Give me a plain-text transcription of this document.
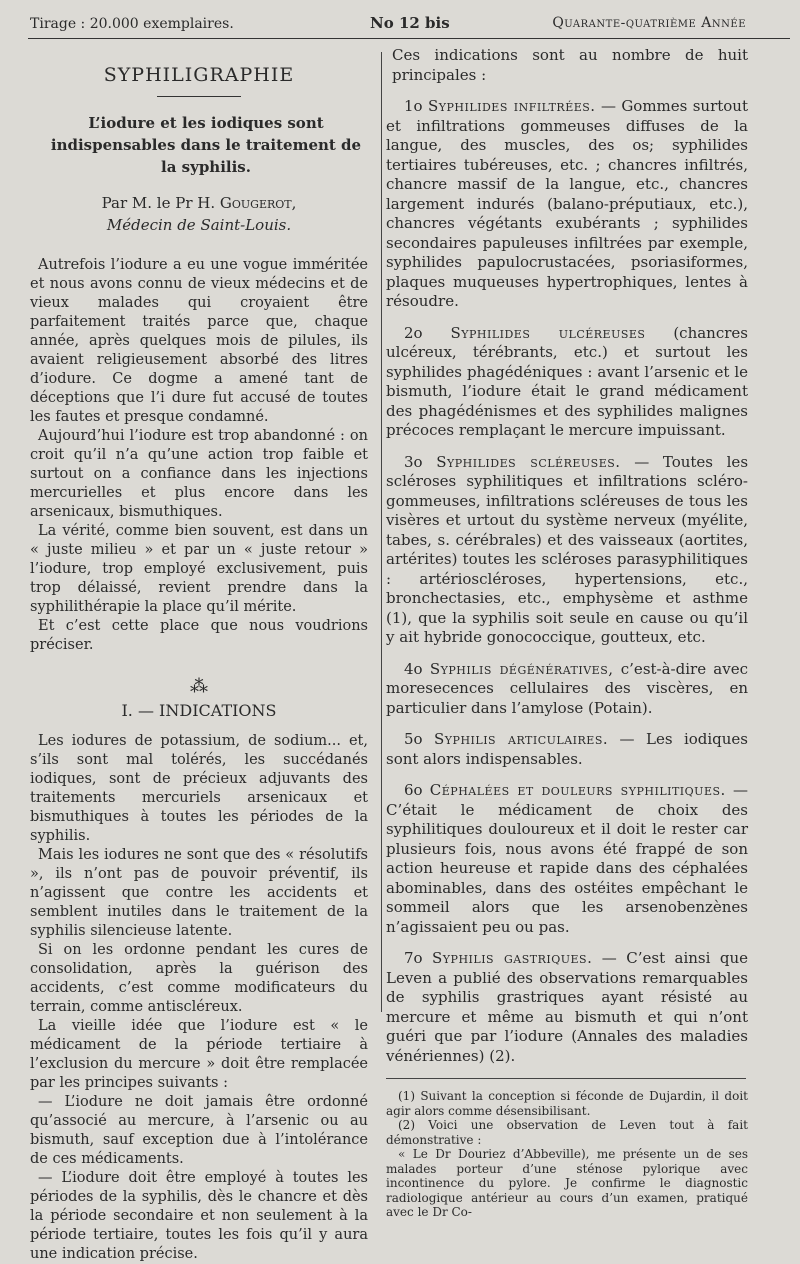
Tirage : 20.000 exemplaires.	No 12 bis	Quarante-quatrième Année
SYPHILIGRAPHIE
L’iodure et les iodiques sont indispensables dans le traitement de la syphilis.
Par M. le Pr H. Gougerot,
Médecin de Saint-Louis.

Autrefois l’iodure a eu une vogue imméritée et nous avons connu de vieux médecins et de vieux malades qui croyaient être parfaitement traités parce que, chaque année, après quelques mois de pilules, ils avaient religieusement absorbé des litres d’iodure. Ce dogme a amené tant de déceptions que l’i dure fut accusé de toutes les fautes et presque condamné.

Aujourd’hui l’iodure est trop abandonné : on croit qu’il n’a qu’une action trop faible et surtout on a confiance dans les injections mercurielles et plus encore dans les arsenicaux, bismuthiques.

La vérité, comme bien souvent, est dans un « juste milieu » et par un « juste retour » l’iodure, trop employé exclusivement, puis trop délaissé, revient prendre dans la syphilithérapie la place qu’il mérite.

Et c’est cette place que nous voudrions préciser.

⁂
I. — INDICATIONS

Les iodures de potassium, de sodium... et, s’ils sont mal tolérés, les succédanés iodiques, sont de précieux adjuvants des traitements mercuriels arsenicaux et bismuthiques à toutes les périodes de la syphilis.

Mais les iodures ne sont que des « résolutifs », ils n’ont pas de pouvoir préventif, ils n’agissent que contre les accidents et semblent inutiles dans le traitement de la syphilis silencieuse latente.

Si on les ordonne pendant les cures de consolidation, après la guérison des accidents, c’est comme modificateurs du terrain, comme antiscléreux.

La vieille idée que l’iodure est « le médicament de la période tertiaire à l’exclusion du mercure » doit être remplacée par les principes suivants :

— L’iodure ne doit jamais être ordonné qu’associé au mercure, à l’arsenic ou au bismuth, sauf exception due à l’intolérance de ces médicaments.

— L’iodure doit être employé à toutes les périodes de la syphilis, dès le chancre et dès la période secondaire et non seulement à la période tertiaire, toutes les fois qu’il y aura une indication précise.

Ces indications sont au nombre de huit principales :

1o Syphilides infiltrées. — Gommes surtout et infiltrations gommeuses diffuses de la langue, des muscles, des os; syphilides tertiaires tubéreuses, etc. ; chancres infiltrés, chancre massif de la langue, etc., chancres largement indurés (balano-préputiaux, etc.), chancres végétants exubérants ; syphilides secondaires papuleuses infiltrées par exemple, syphilides papulocrustacées, psoriasiformes, plaques muqueuses hypertrophiques, lentes à résoudre.

2o Syphilides ulcéreuses (chancres ulcéreux, térébrants, etc.) et surtout les syphilides phagédéniques : avant l’arsenic et le bismuth, l’iodure était le grand médicament des phagédénismes et des syphilides malignes précoces remplaçant le mercure impuissant.

3o Syphilides scléreuses. — Toutes les scléroses syphilitiques et infiltrations scléro-gommeuses, infiltrations scléreuses de tous les visères et urtout du système nerveux (myélite, tabes, s. cérébrales) et des vaisseaux (aortites, artérites) toutes les scléroses parasyphilitiques : artérioscléroses, hypertensions, etc., bronchectasies, etc., emphysème et asthme (1), que la syphilis soit seule en cause ou qu’il y ait hybride gonococcique, goutteux, etc.

4o Syphilis dégénératives, c’est-à-dire avec moresecences cellulaires des viscères, en particulier dans l’amylose (Potain).

5o Syphilis articulaires. — Les iodiques sont alors indispensables.

6o Céphalées et douleurs syphilitiques. — C’était le médicament de choix des syphilitiques douloureux et il doit le rester car plusieurs fois, nous avons été frappé de son action heureuse et rapide dans des céphalées abominables, dans des ostéites empêchant le sommeil alors que les arsenobenzènes n’agissaient peu ou pas.

7o Syphilis gastriques. — C’est ainsi que Leven a publié des observations remarquables de syphilis grastriques ayant résisté au mercure et même au bismuth et qui n’ont guéri que par l’iodure (Annales des maladies vénériennes) (2).

(1) Suivant la conception si féconde de Dujardin, il doit agir alors comme désensibilisant.

(2) Voici une observation de Leven tout à fait démonstrative :

« Le Dr Douriez d’Abbeville), me présente un de ses malades porteur d’une sténose pylorique avec incontinence du pylore. Je confirme le diagnostic radiologique antérieur au cours d’un examen, pratiqué avec le Dr Co-
